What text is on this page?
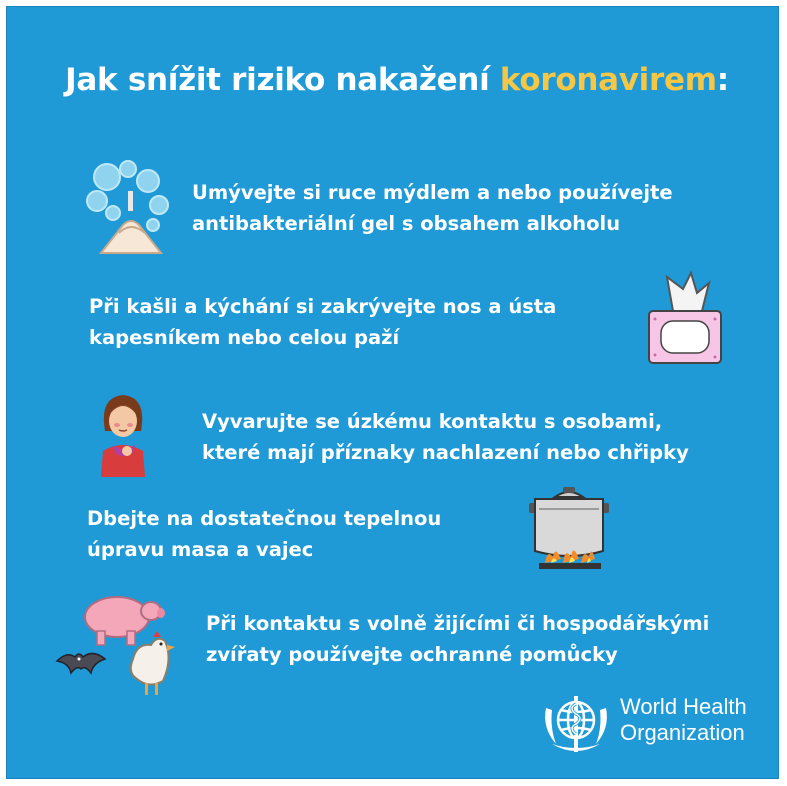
Jak snížit riziko nakažení koronavirem:
Umývejte si ruce mýdlem a nebo používejte
antibakteriální gel s obsahem alkoholu
Při kašli a kýchání si zakrývejte nos a ústa
kapesníkem nebo celou paží
Vyvarujte se úzkému kontaktu s osobami,
které mají příznaky nachlazení nebo chřipky
Dbejte na dostatečnou tepelnou
úpravu masa a vajec
Při kontaktu s volně žijícími či hospodářskými
zvířaty používejte ochranné pomůcky
World Health
Organization
